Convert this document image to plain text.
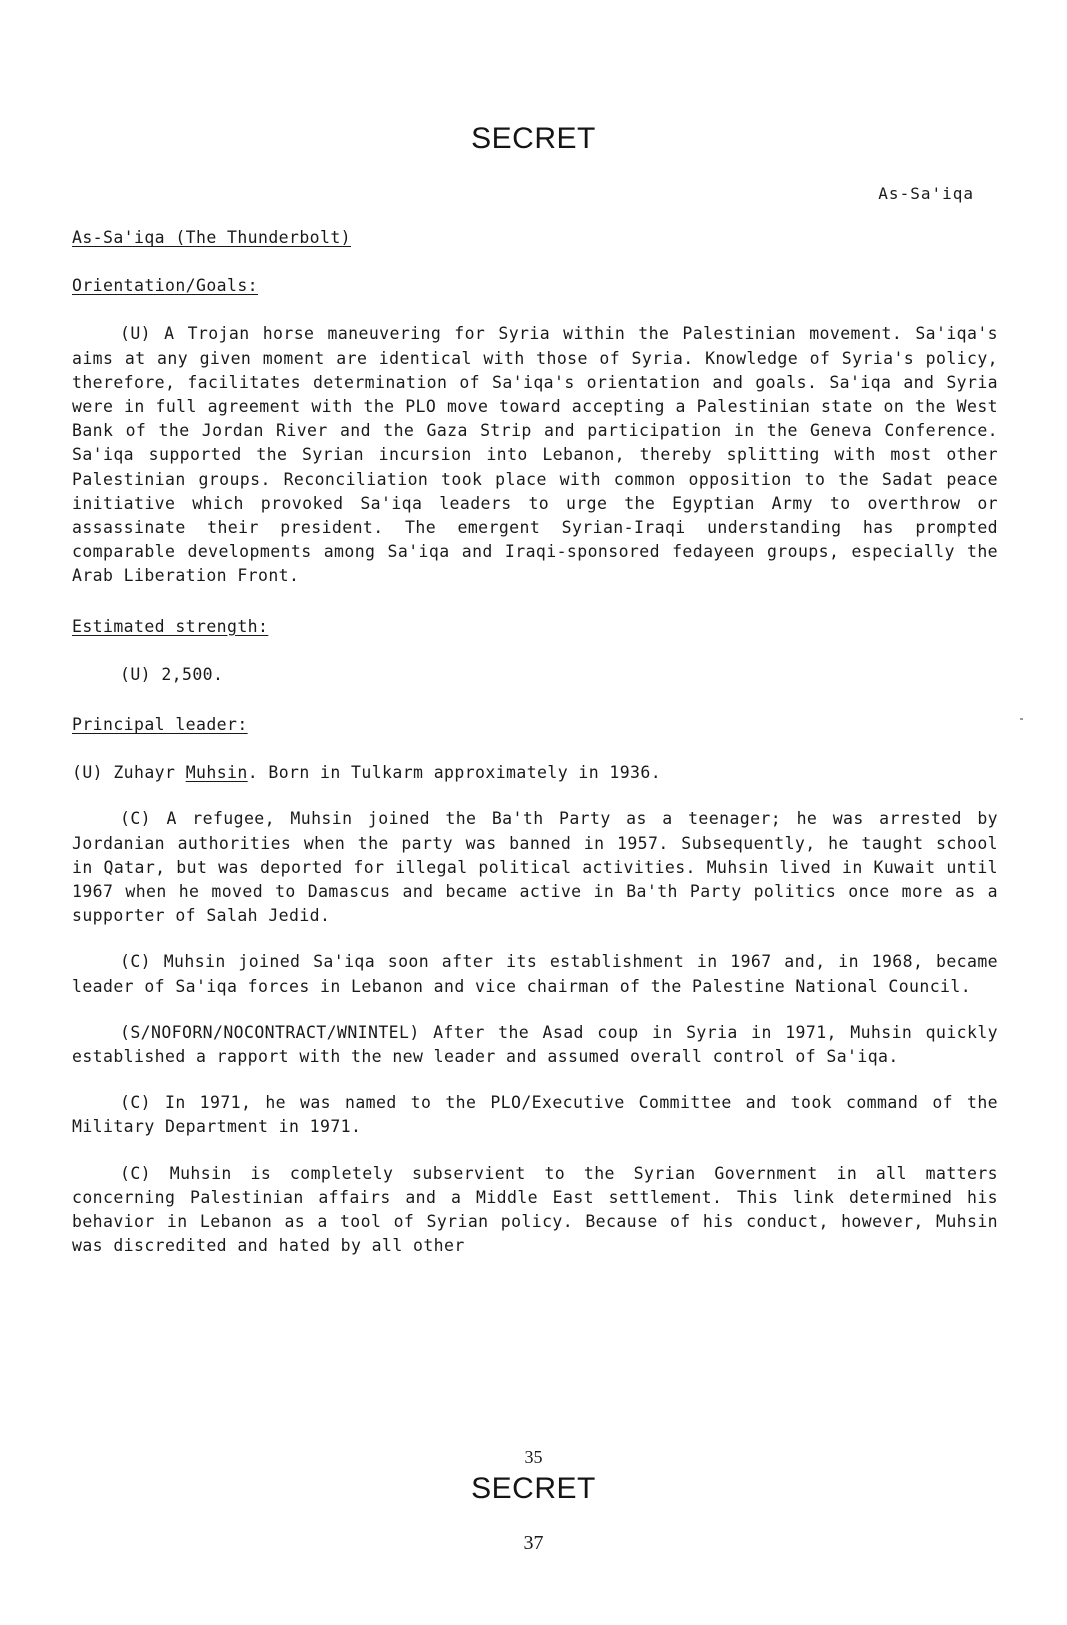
SECRET
As-Sa'iqa
As-Sa'iqa (The Thunderbolt)
Orientation/Goals:

(U) A Trojan horse maneuvering for Syria within the Palestinian movement. Sa'iqa's aims at any given moment are identical with those of Syria. Knowledge of Syria's policy, therefore, facilitates determination of Sa'iqa's orientation and goals. Sa'iqa and Syria were in full agreement with the PLO move toward accepting a Palestinian state on the West Bank of the Jordan River and the Gaza Strip and participation in the Geneva Conference. Sa'iqa supported the Syrian incursion into Lebanon, thereby splitting with most other Palestinian groups. Reconciliation took place with common opposition to the Sadat peace initiative which provoked Sa'iqa leaders to urge the Egyptian Army to overthrow or assassinate their president. The emergent Syrian-Iraqi understanding has prompted comparable developments among Sa'iqa and Iraqi-sponsored fedayeen groups, especially the Arab Liberation Front.

Estimated strength:

(U) 2,500.

Principal leader:

(U) Zuhayr Muhsin. Born in Tulkarm approximately in 1936.

(C) A refugee, Muhsin joined the Ba'th Party as a teenager; he was arrested by Jordanian authorities when the party was banned in 1957. Subsequently, he taught school in Qatar, but was deported for illegal political activities. Muhsin lived in Kuwait until 1967 when he moved to Damascus and became active in Ba'th Party politics once more as a supporter of Salah Jedid.

(C) Muhsin joined Sa'iqa soon after its establishment in 1967 and, in 1968, became leader of Sa'iqa forces in Lebanon and vice chairman of the Palestine National Council.

(S/NOFORN/NOCONTRACT/WNINTEL) After the Asad coup in Syria in 1971, Muhsin quickly established a rapport with the new leader and assumed overall control of Sa'iqa.

(C) In 1971, he was named to the PLO/Executive Committee and took command of the Military Department in 1971.

(C) Muhsin is completely subservient to the Syrian Government in all matters concerning Palestinian affairs and a Middle East settlement. This link determined his behavior in Lebanon as a tool of Syrian policy. Because of his conduct, however, Muhsin was discredited and hated by all other

35
SECRET
37
